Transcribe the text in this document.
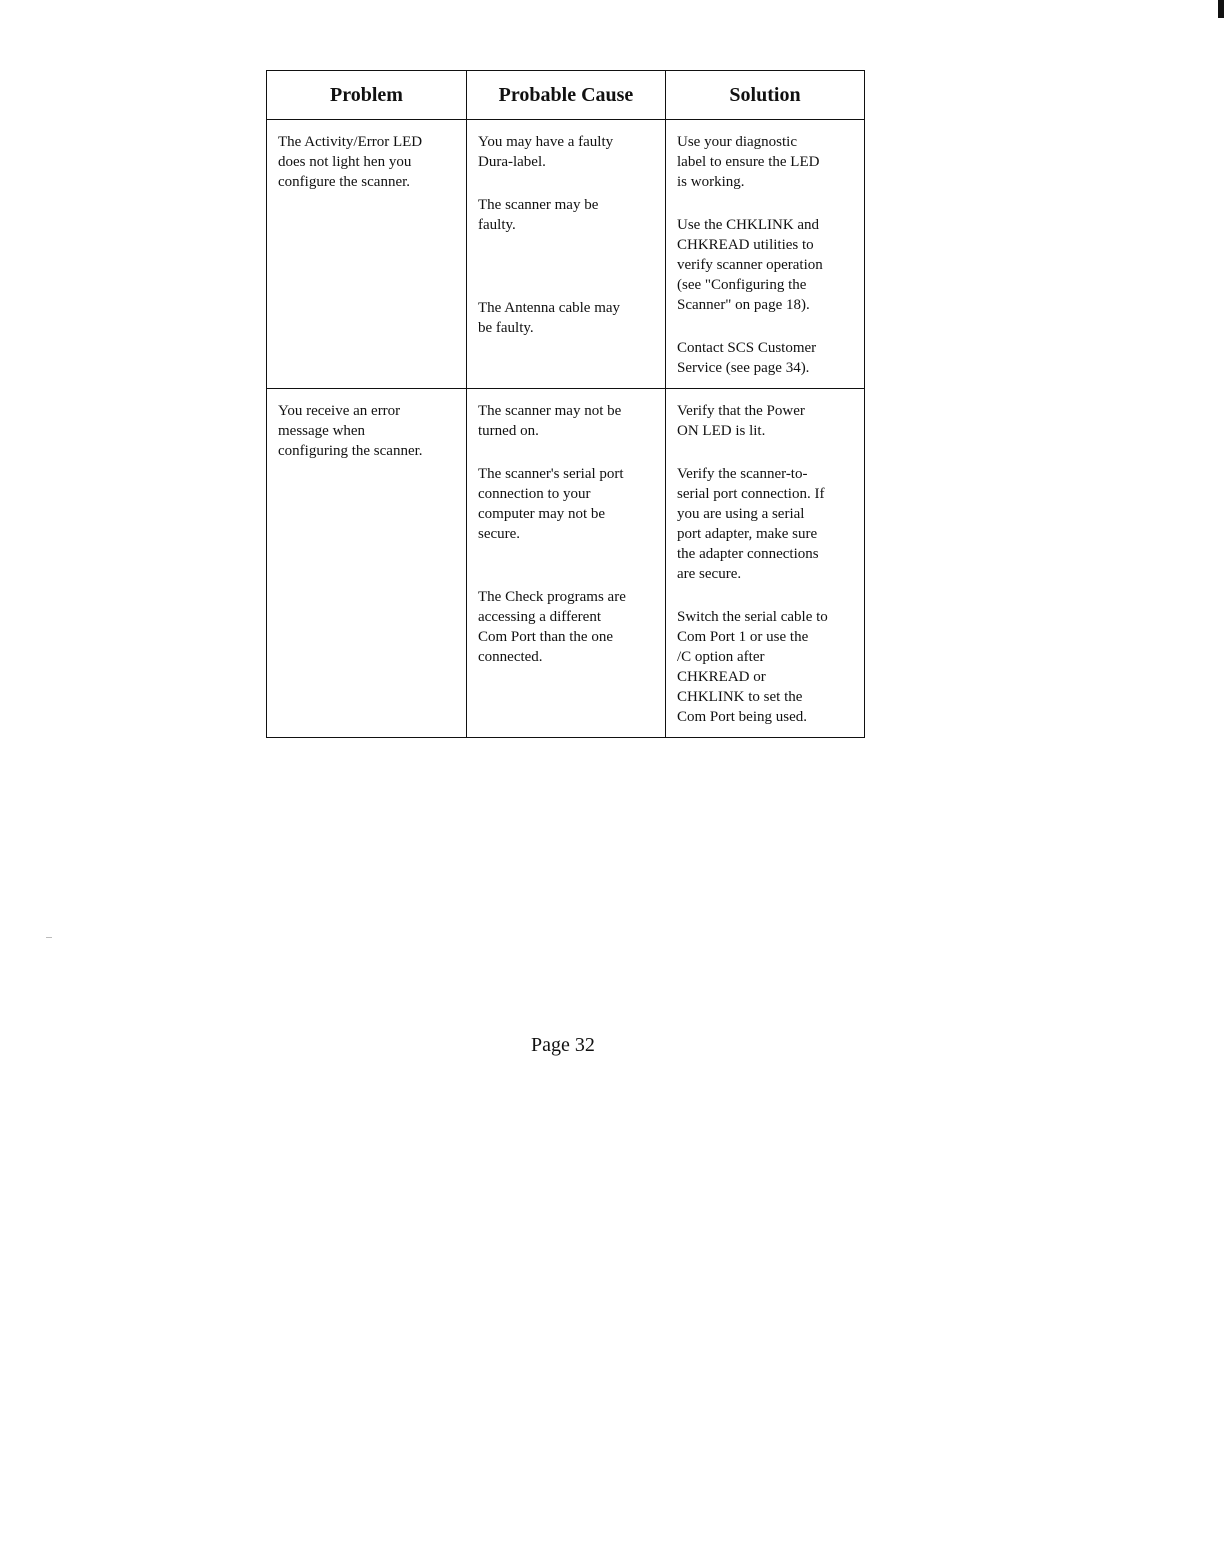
Problem	Probable Cause	Solution
The Activity/Error LED
does not light hen you
configure the scanner.
You may have a faulty
Dura-label.
The scanner may be
faulty.

The Antenna cable may
be faulty.
Use your diagnostic
label to ensure the LED
is working.
Use the CHKLINK and
CHKREAD utilities to
verify scanner operation
(see "Configuring the
Scanner" on page 18).
Contact SCS Customer
Service (see page 34).
You receive an error
message when
configuring the scanner.
The scanner may not be
turned on.

The scanner's serial port
connection to your
computer may not be
secure.

The Check programs are
accessing a different
Com Port than the one
connected.
Verify that the Power
ON LED is lit.

Verify the scanner-to-
serial port connection. If
you are using a serial
port adapter, make sure
the adapter connections
are secure.
Switch the serial cable to
Com Port 1 or use the
/C option after
CHKREAD or
CHKLINK to set the
Com Port being used.
Page 32
